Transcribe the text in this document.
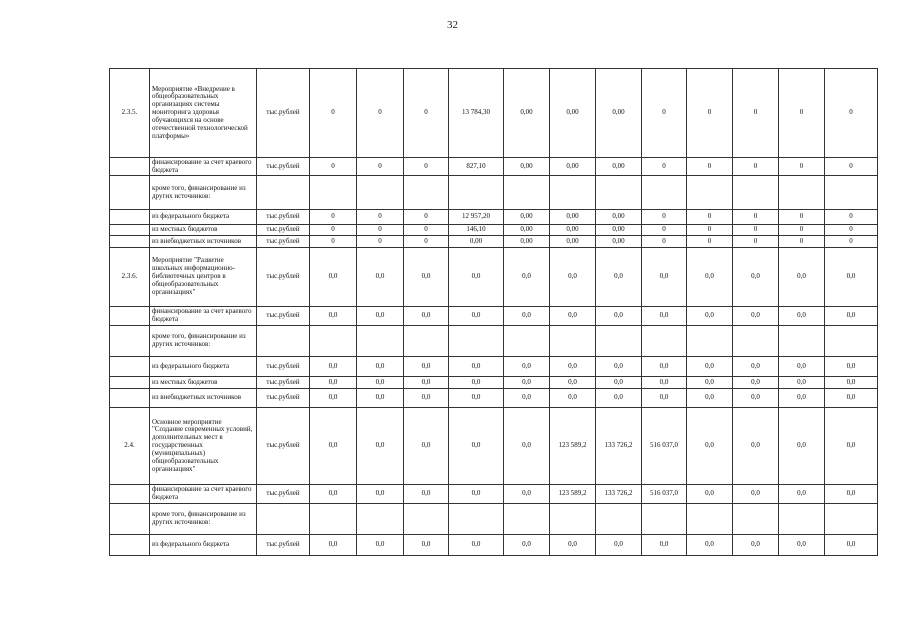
32
2.3.5.	Мероприятие «Внедрение в общеобразовательных организациях системы мониторинга здоровья обучающихся на основе отечественной технологической платформы»	тыс.рублей	0	0	0	13 784,30	0,00	0,00	0,00	0	0	0	0	0
	финансирование за счет краевого бюджета	тыс.рублей	0	0	0	827,10	0,00	0,00	0,00	0	0	0	0	0
	кроме того, финансирование из других источников:													
	из федерального бюджета	тыс.рублей	0	0	0	12 957,20	0,00	0,00	0,00	0	0	0	0	0
	из местных бюджетов	тыс.рублей	0	0	0	146,10	0,00	0,00	0,00	0	0	0	0	0
	из внебюджетных источников	тыс.рублей	0	0	0	0,00	0,00	0,00	0,00	0	0	0	0	0
2.3.6.	Мероприятие "Развитие школьных информационно-библиотечных центров в общеобразовательных организациях"	тыс.рублей	0,0	0,0	0,0	0,0	0,0	0,0	0,0	0,0	0,0	0,0	0,0	0,0
	финансирование за счет краевого бюджета	тыс.рублей	0,0	0,0	0,0	0,0	0,0	0,0	0,0	0,0	0,0	0,0	0,0	0,0
	кроме того, финансирование из других источников:													
	из федерального бюджета	тыс.рублей	0,0	0,0	0,0	0,0	0,0	0,0	0,0	0,0	0,0	0,0	0,0	0,0
	из местных бюджетов	тыс.рублей	0,0	0,0	0,0	0,0	0,0	0,0	0,0	0,0	0,0	0,0	0,0	0,0
	из внебюджетных источников	тыс.рублей	0,0	0,0	0,0	0,0	0,0	0,0	0,0	0,0	0,0	0,0	0,0	0,0
2.4.	Основное мероприятие "Создание современных условий, дополнительных мест в государственных (муниципальных) общеобразовательных организациях"	тыс.рублей	0,0	0,0	0,0	0,0	0,0	123 589,2	133 726,2	516 037,0	0,0	0,0	0,0	0,0
	финансирование за счет краевого бюджета	тыс.рублей	0,0	0,0	0,0	0,0	0,0	123 589,2	133 726,2	516 037,0	0,0	0,0	0,0	0,0
	кроме того, финансирование из других источников:													
	из федерального бюджета	тыс.рублей	0,0	0,0	0,0	0,0	0,0	0,0	0,0	0,0	0,0	0,0	0,0	0,0
